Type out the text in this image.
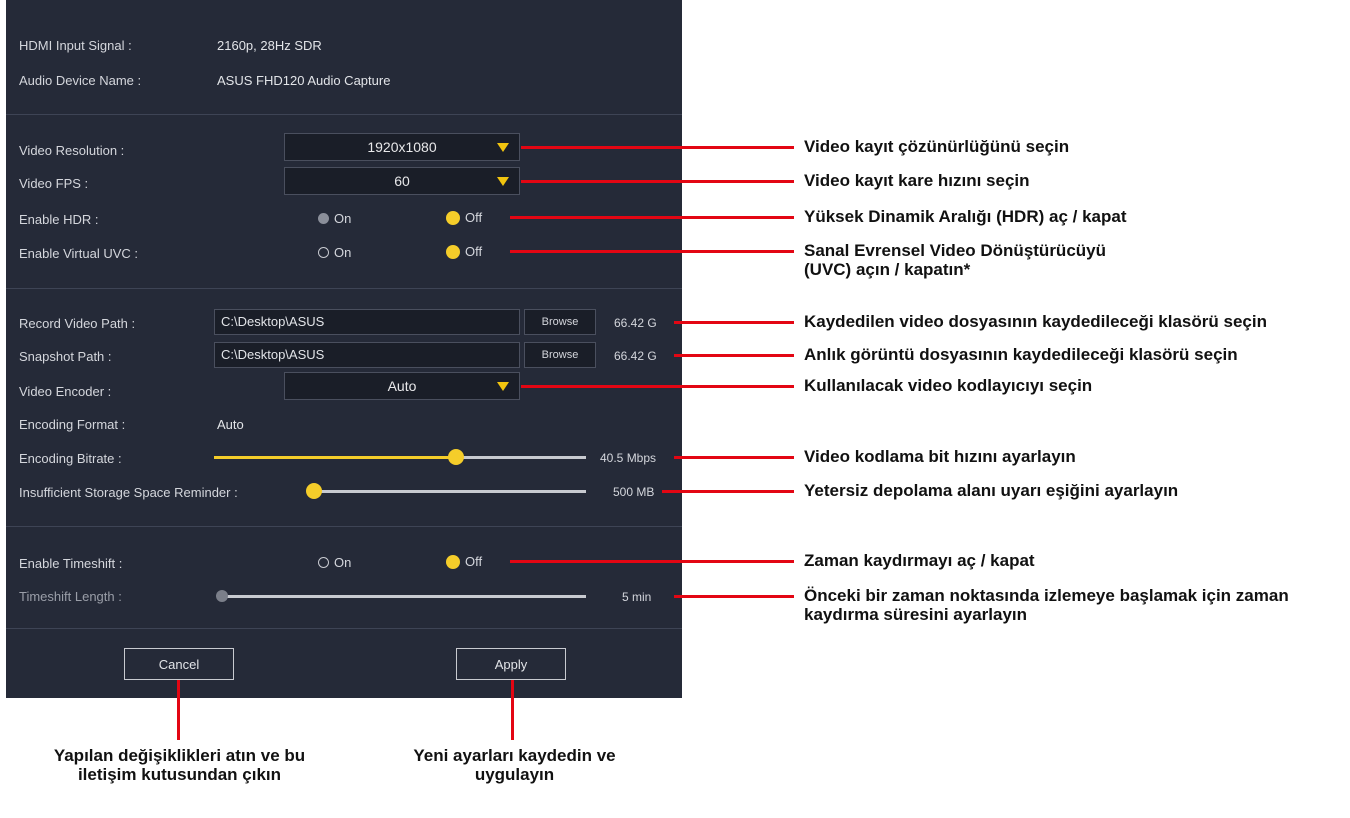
HDMI Input Signal :	2160p, 28Hz SDR
Audio Device Name :	ASUS FHD120 Audio Capture
Video Resolution :	1920x1080
Video FPS :	60
Enable HDR :	On	Off
Enable Virtual UVC :	On	Off
Record Video Path :	C:\Desktop\ASUS	Browse	66.42 G
Snapshot Path :	C:\Desktop\ASUS	Browse	66.42 G
Video Encoder :	Auto
Encoding Format :	Auto
Encoding Bitrate :	40.5 Mbps
Insufficient Storage Space Reminder :	500 MB
Enable Timeshift :	On	Off
Timeshift Length :	5 min
Cancel	Apply
Video kayıt çözünürlüğünü seçin
Video kayıt kare hızını seçin
Yüksek Dinamik Aralığı (HDR) aç / kapat
Sanal Evrensel Video Dönüştürücüyü (UVC) açın / kapatın*
Kaydedilen video dosyasının kaydedileceği klasörü seçin
Anlık görüntü dosyasının kaydedileceği klasörü seçin
Kullanılacak video kodlayıcıyı seçin
Video kodlama bit hızını ayarlayın
Yetersiz depolama alanı uyarı eşiğini ayarlayın
Zaman kaydırmayı aç / kapat
Önceki bir zaman noktasında izlemeye başlamak için zaman kaydırma süresini ayarlayın
Yapılan değişiklikleri atın ve bu iletişim kutusundan çıkın
Yeni ayarları kaydedin ve uygulayın
